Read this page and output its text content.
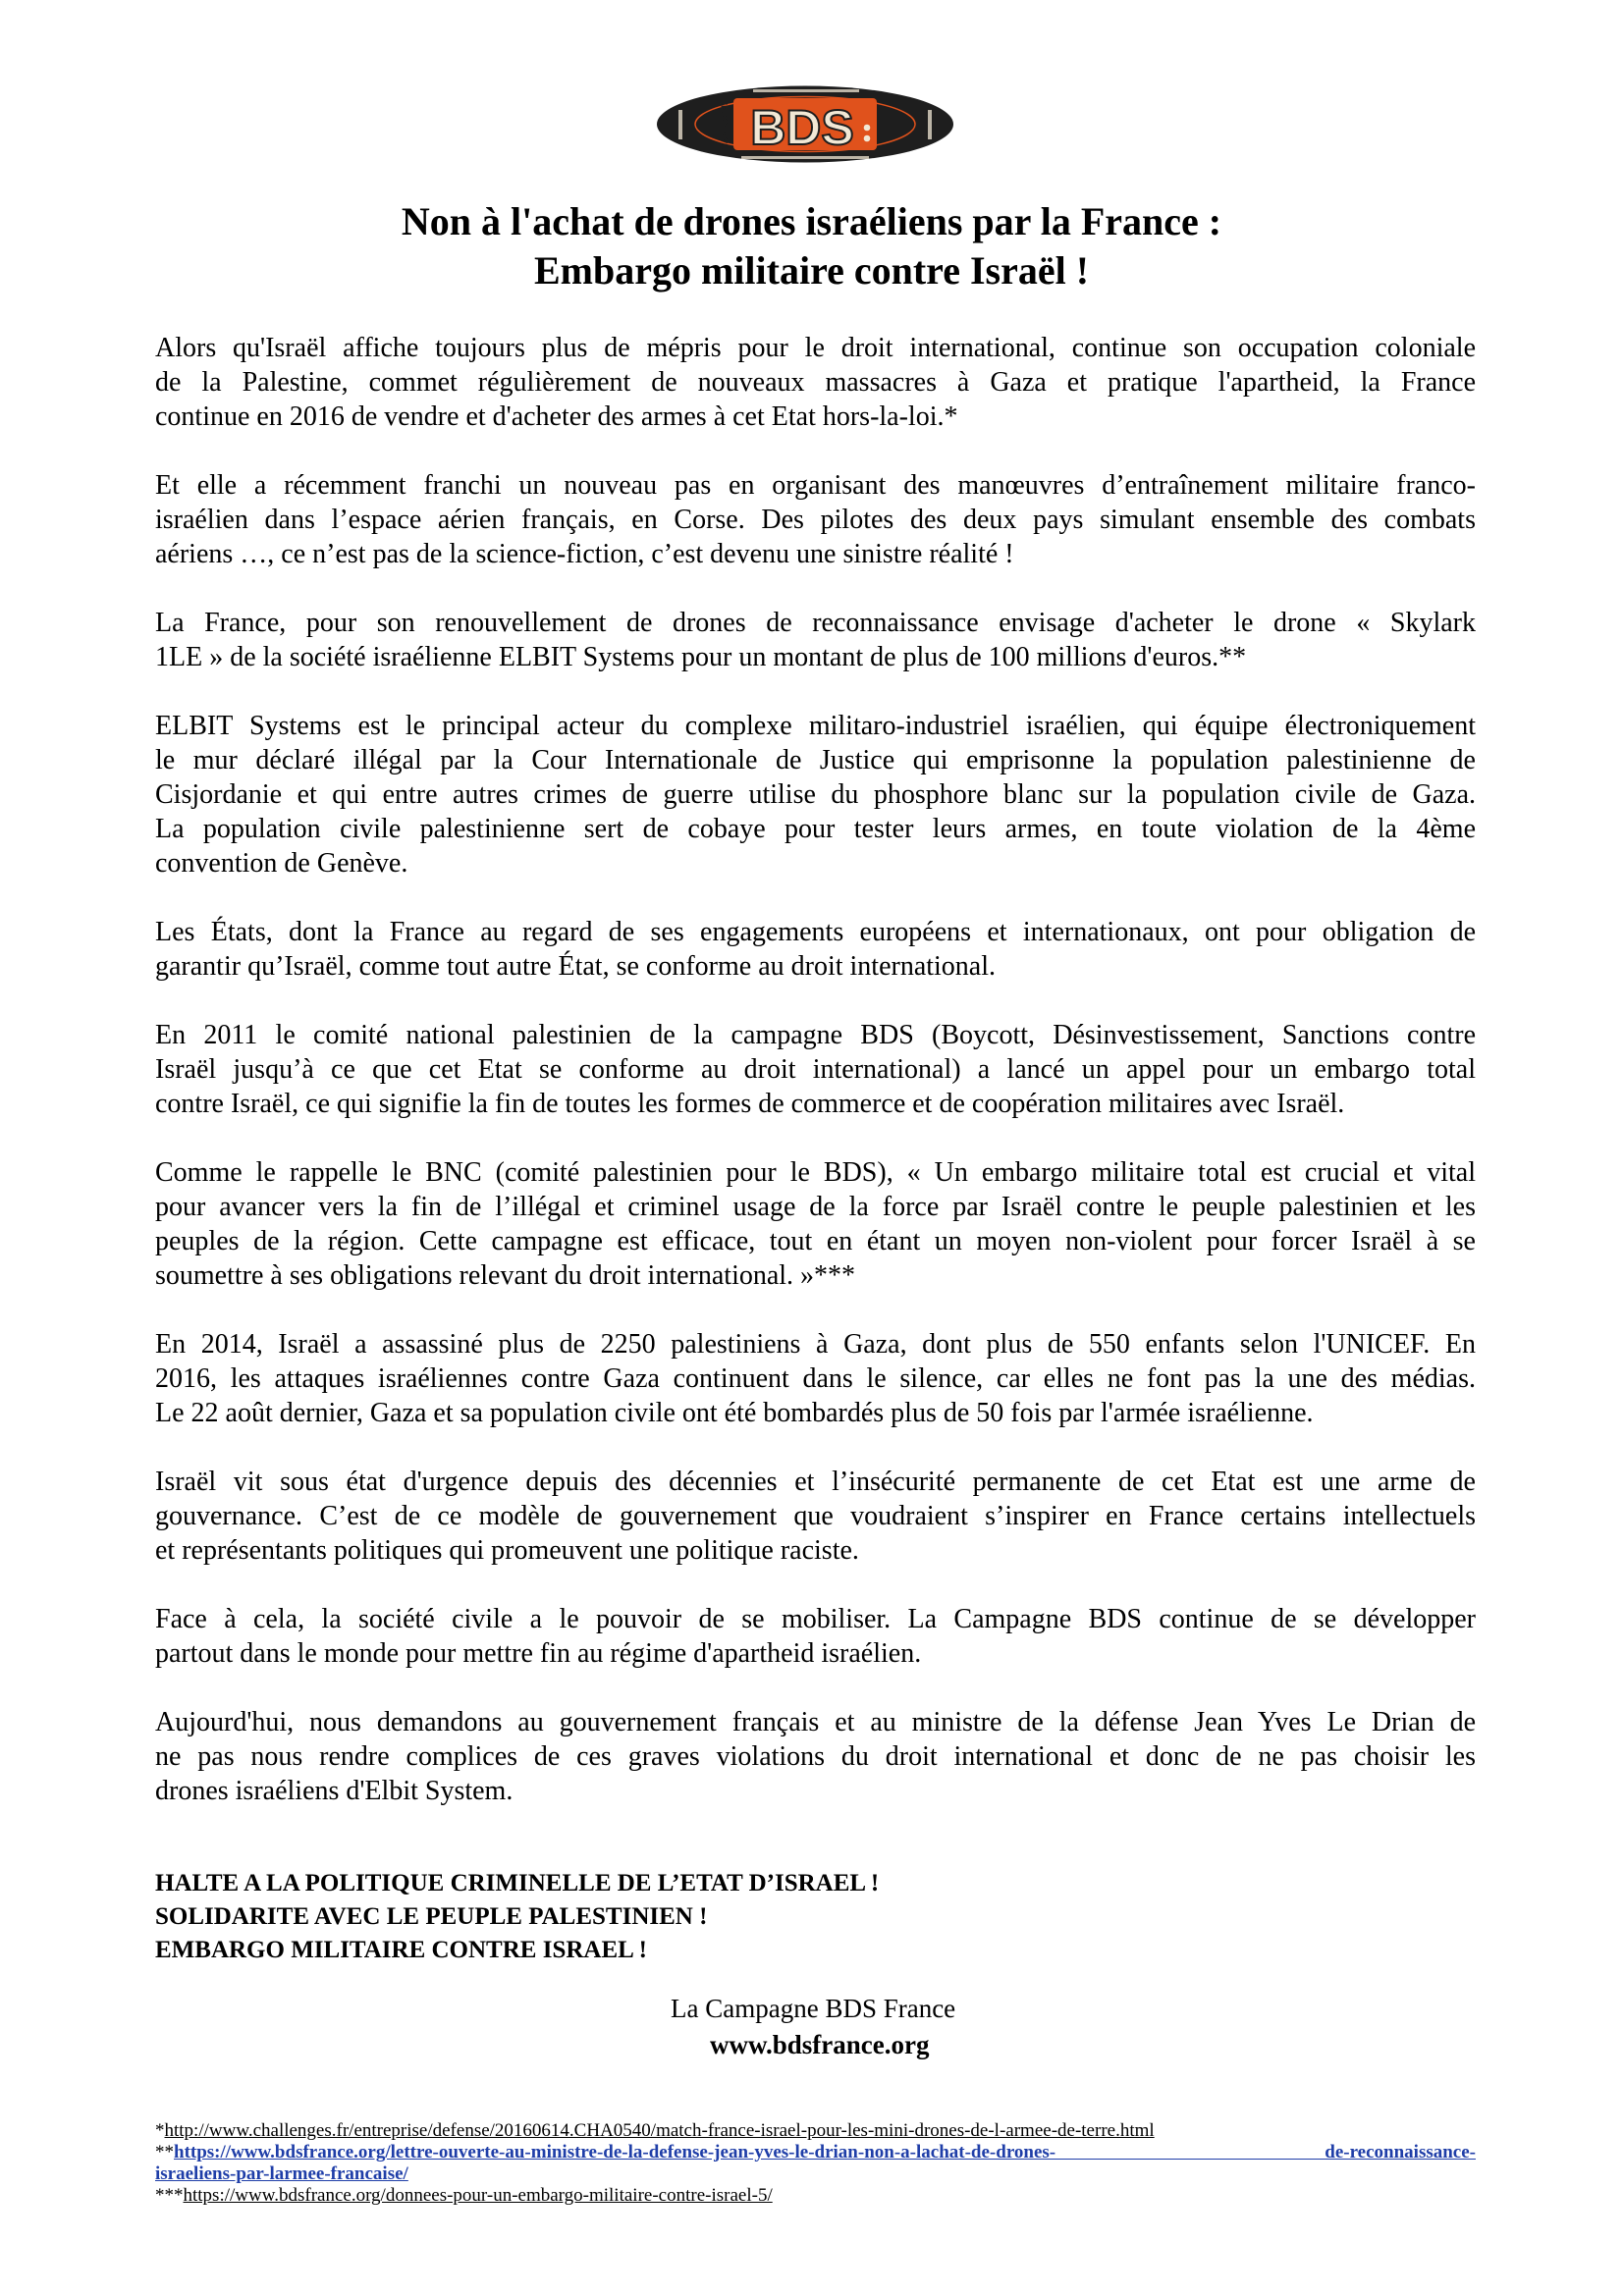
CAMPAGNE BDS
Non à l'achat de drones israéliens par la France :
Embargo militaire contre Israël !

Alors qu'Israël affiche toujours plus de mépris pour le droit international, continue son occupation coloniale
de la Palestine, commet régulièrement de nouveaux massacres à Gaza et pratique l'apartheid, la France
continue en 2016 de vendre et d'acheter des armes à cet Etat hors-la-loi.*

Et elle a récemment franchi un nouveau pas en organisant des manœuvres d’entraînement militaire franco-
israélien dans l’espace aérien français, en Corse. Des pilotes des deux pays simulant ensemble des combats
aériens …, ce n’est pas de la science-fiction, c’est devenu une sinistre réalité !

La France, pour son renouvellement de drones de reconnaissance envisage d'acheter le drone « Skylark
1LE » de la société israélienne ELBIT Systems pour un montant de plus de 100 millions d'euros.**

ELBIT Systems est le principal acteur du complexe militaro-industriel israélien, qui équipe électroniquement
le mur déclaré illégal par la Cour Internationale de Justice qui emprisonne la population palestinienne de
Cisjordanie et qui entre autres crimes de guerre utilise du phosphore blanc sur la population civile de Gaza.
La population civile palestinienne sert de cobaye pour tester leurs armes, en toute violation de la 4ème
convention de Genève.

Les États, dont la France au regard de ses engagements européens et internationaux, ont pour obligation de
garantir qu’Israël, comme tout autre État, se conforme au droit international.

En 2011 le comité national palestinien de la campagne BDS (Boycott, Désinvestissement, Sanctions contre
Israël jusqu’à ce que cet Etat se conforme au droit international) a lancé un appel pour un embargo total
contre Israël, ce qui signifie la fin de toutes les formes de commerce et de coopération militaires avec Israël.

Comme le rappelle le BNC (comité palestinien pour le BDS), « Un embargo militaire total est crucial et vital
pour avancer vers la fin de l’illégal et criminel usage de la force par Israël contre le peuple palestinien et les
peuples de la région. Cette campagne est efficace, tout en étant un moyen non-violent pour forcer Israël à se
soumettre à ses obligations relevant du droit international. »***

En 2014, Israël a assassiné plus de 2250 palestiniens à Gaza, dont plus de 550 enfants selon l'UNICEF. En
2016, les attaques israéliennes contre Gaza continuent dans le silence, car elles ne font pas la une des médias.
Le 22 août dernier, Gaza et sa population civile ont été bombardés plus de 50 fois par l'armée israélienne.

Israël vit sous état d'urgence depuis des décennies et l’insécurité permanente de cet Etat est une arme de
gouvernance. C’est de ce modèle de gouvernement que voudraient s’inspirer en France certains intellectuels
et représentants politiques qui promeuvent une politique raciste.

Face à cela, la société civile a le pouvoir de se mobiliser. La Campagne BDS continue de se développer
partout dans le monde pour mettre fin au régime d'apartheid israélien.

Aujourd'hui, nous demandons au gouvernement français et au ministre de la défense Jean Yves Le Drian de
ne pas nous rendre complices de ces graves violations du droit international et donc de ne pas choisir les
drones israéliens d'Elbit System.

HALTE A LA POLITIQUE CRIMINELLE DE L’ETAT D’ISRAEL !
SOLIDARITE AVEC LE PEUPLE PALESTINIEN !
EMBARGO MILITAIRE CONTRE ISRAEL !
La Campagne BDS France
www.bdsfrance.org
*http://www.challenges.fr/entreprise/defense/20160614.CHA0540/match-france-israel-pour-les-mini-drones-de-l-armee-de-terre.html
**https://www.bdsfrance.org/lettre-ouverte-au-ministre-de-la-defense-jean-yves-le-drian-non-a-lachat-de-drones- de-reconnaissance-
israeliens-par-larmee-francaise/
***https://www.bdsfrance.org/donnees-pour-un-embargo-militaire-contre-israel-5/
